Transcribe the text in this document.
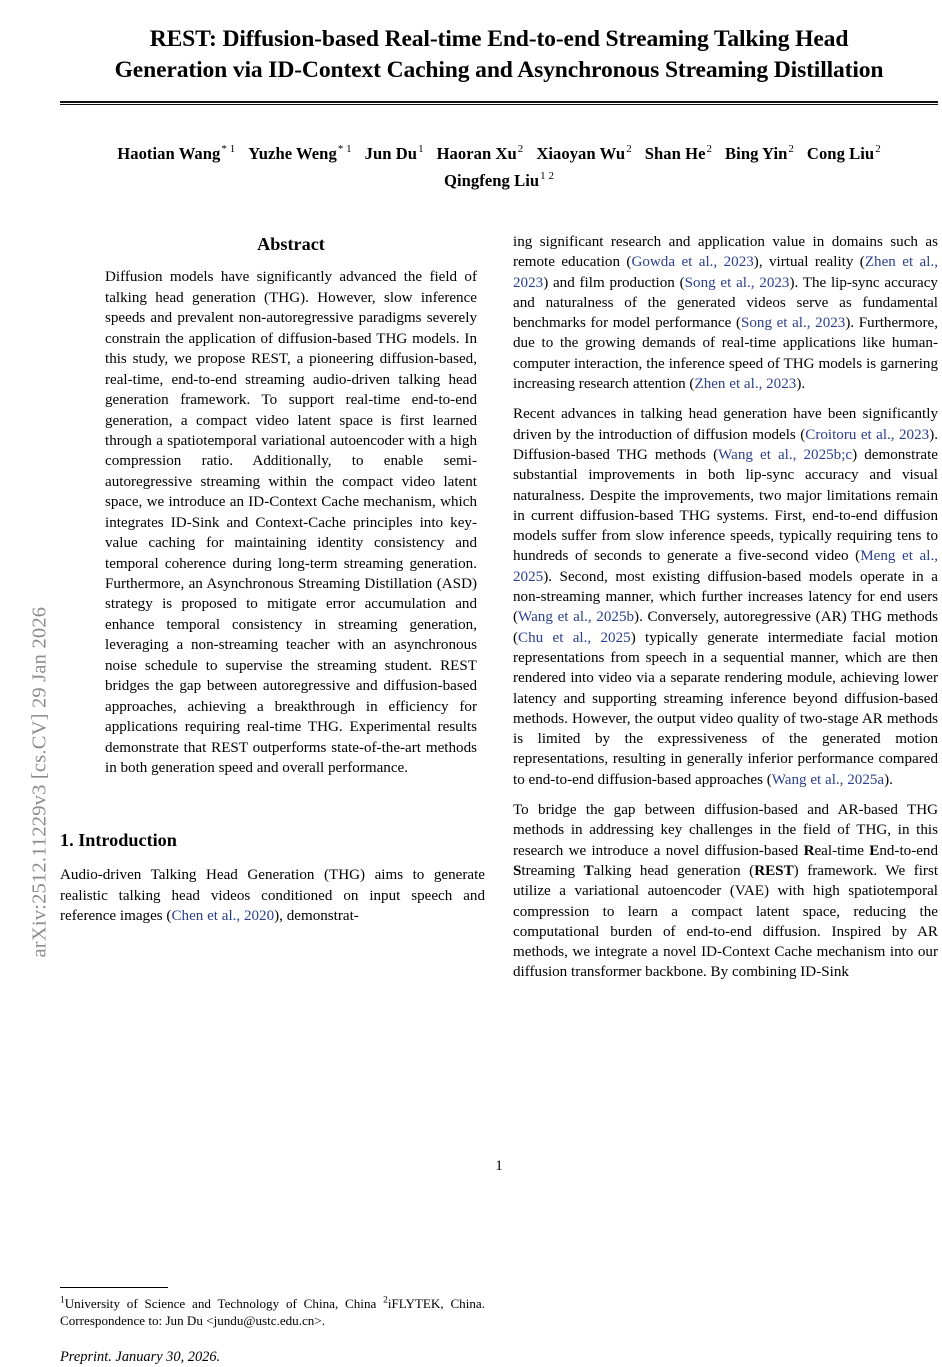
arXiv:2512.11229v3 [cs.CV] 29 Jan 2026
REST: Diffusion-based Real-time End-to-end Streaming Talking Head
Generation via ID-Context Caching and Asynchronous Streaming Distillation
Haotian Wang$^{* 1}$ Yuzhe Weng$^{* 1}$ Jun Du$^1$ Haoran Xu$^2$ Xiaoyan Wu$^2$ Shan He$^2$ Bing Yin$^2$ Cong Liu$^2$
Qingfeng Liu$^{1 2}$
Abstract

Diffusion models have significantly advanced the field of talking head generation (THG). However, slow inference speeds and prevalent non-autoregressive paradigms severely constrain the application of diffusion-based THG models. In this study, we propose REST, a pioneering diffusion-based, real-time, end-to-end streaming audio-driven talking head generation framework. To support real-time end-to-end generation, a compact video latent space is first learned through a spatiotemporal variational autoencoder with a high compression ratio. Additionally, to enable semi-autoregressive streaming within the compact video latent space, we introduce an ID-Context Cache mechanism, which integrates ID-Sink and Context-Cache principles into key-value caching for maintaining identity consistency and temporal coherence during long-term streaming generation. Furthermore, an Asynchronous Streaming Distillation (ASD) strategy is proposed to mitigate error accumulation and enhance temporal consistency in streaming generation, leveraging a non-streaming teacher with an asynchronous noise schedule to supervise the streaming student. REST bridges the gap between autoregressive and diffusion-based approaches, achieving a breakthrough in efficiency for applications requiring real-time THG. Experimental results demonstrate that REST outperforms state-of-the-art methods in both generation speed and overall performance.

1. Introduction

Audio-driven Talking Head Generation (THG) aims to generate realistic talking head videos conditioned on input speech and reference images (Chen et al., 2020), demonstrat-

$^1$University of Science and Technology of China, China $^2$iFLYTEK, China. Correspondence to: Jun Du <jundu@ustc.edu.cn>.

Preprint. January 30, 2026.

ing significant research and application value in domains such as remote education (Gowda et al., 2023), virtual reality (Zhen et al., 2023) and film production (Song et al., 2023). The lip-sync accuracy and naturalness of the generated videos serve as fundamental benchmarks for model performance (Song et al., 2023). Furthermore, due to the growing demands of real-time applications like human-computer interaction, the inference speed of THG models is garnering increasing research attention (Zhen et al., 2023).

Recent advances in talking head generation have been significantly driven by the introduction of diffusion models (Croitoru et al., 2023). Diffusion-based THG methods (Wang et al., 2025b;c) demonstrate substantial improvements in both lip-sync accuracy and visual naturalness. Despite the improvements, two major limitations remain in current diffusion-based THG systems. First, end-to-end diffusion models suffer from slow inference speeds, typically requiring tens to hundreds of seconds to generate a five-second video (Meng et al., 2025). Second, most existing diffusion-based models operate in a non-streaming manner, which further increases latency for end users (Wang et al., 2025b). Conversely, autoregressive (AR) THG methods (Chu et al., 2025) typically generate intermediate facial motion representations from speech in a sequential manner, which are then rendered into video via a separate rendering module, achieving lower latency and supporting streaming inference beyond diffusion-based methods. However, the output video quality of two-stage AR methods is limited by the expressiveness of the generated motion representations, resulting in generally inferior performance compared to end-to-end diffusion-based approaches (Wang et al., 2025a).

To bridge the gap between diffusion-based and AR-based THG methods in addressing key challenges in the field of THG, in this research we introduce a novel diffusion-based Real-time End-to-end Streaming Talking head generation (REST) framework. We first utilize a variational autoencoder (VAE) with high spatiotemporal compression to learn a compact latent space, reducing the computational burden of end-to-end diffusion. Inspired by AR methods, we integrate a novel ID-Context Cache mechanism into our diffusion transformer backbone. By combining ID-Sink

1
